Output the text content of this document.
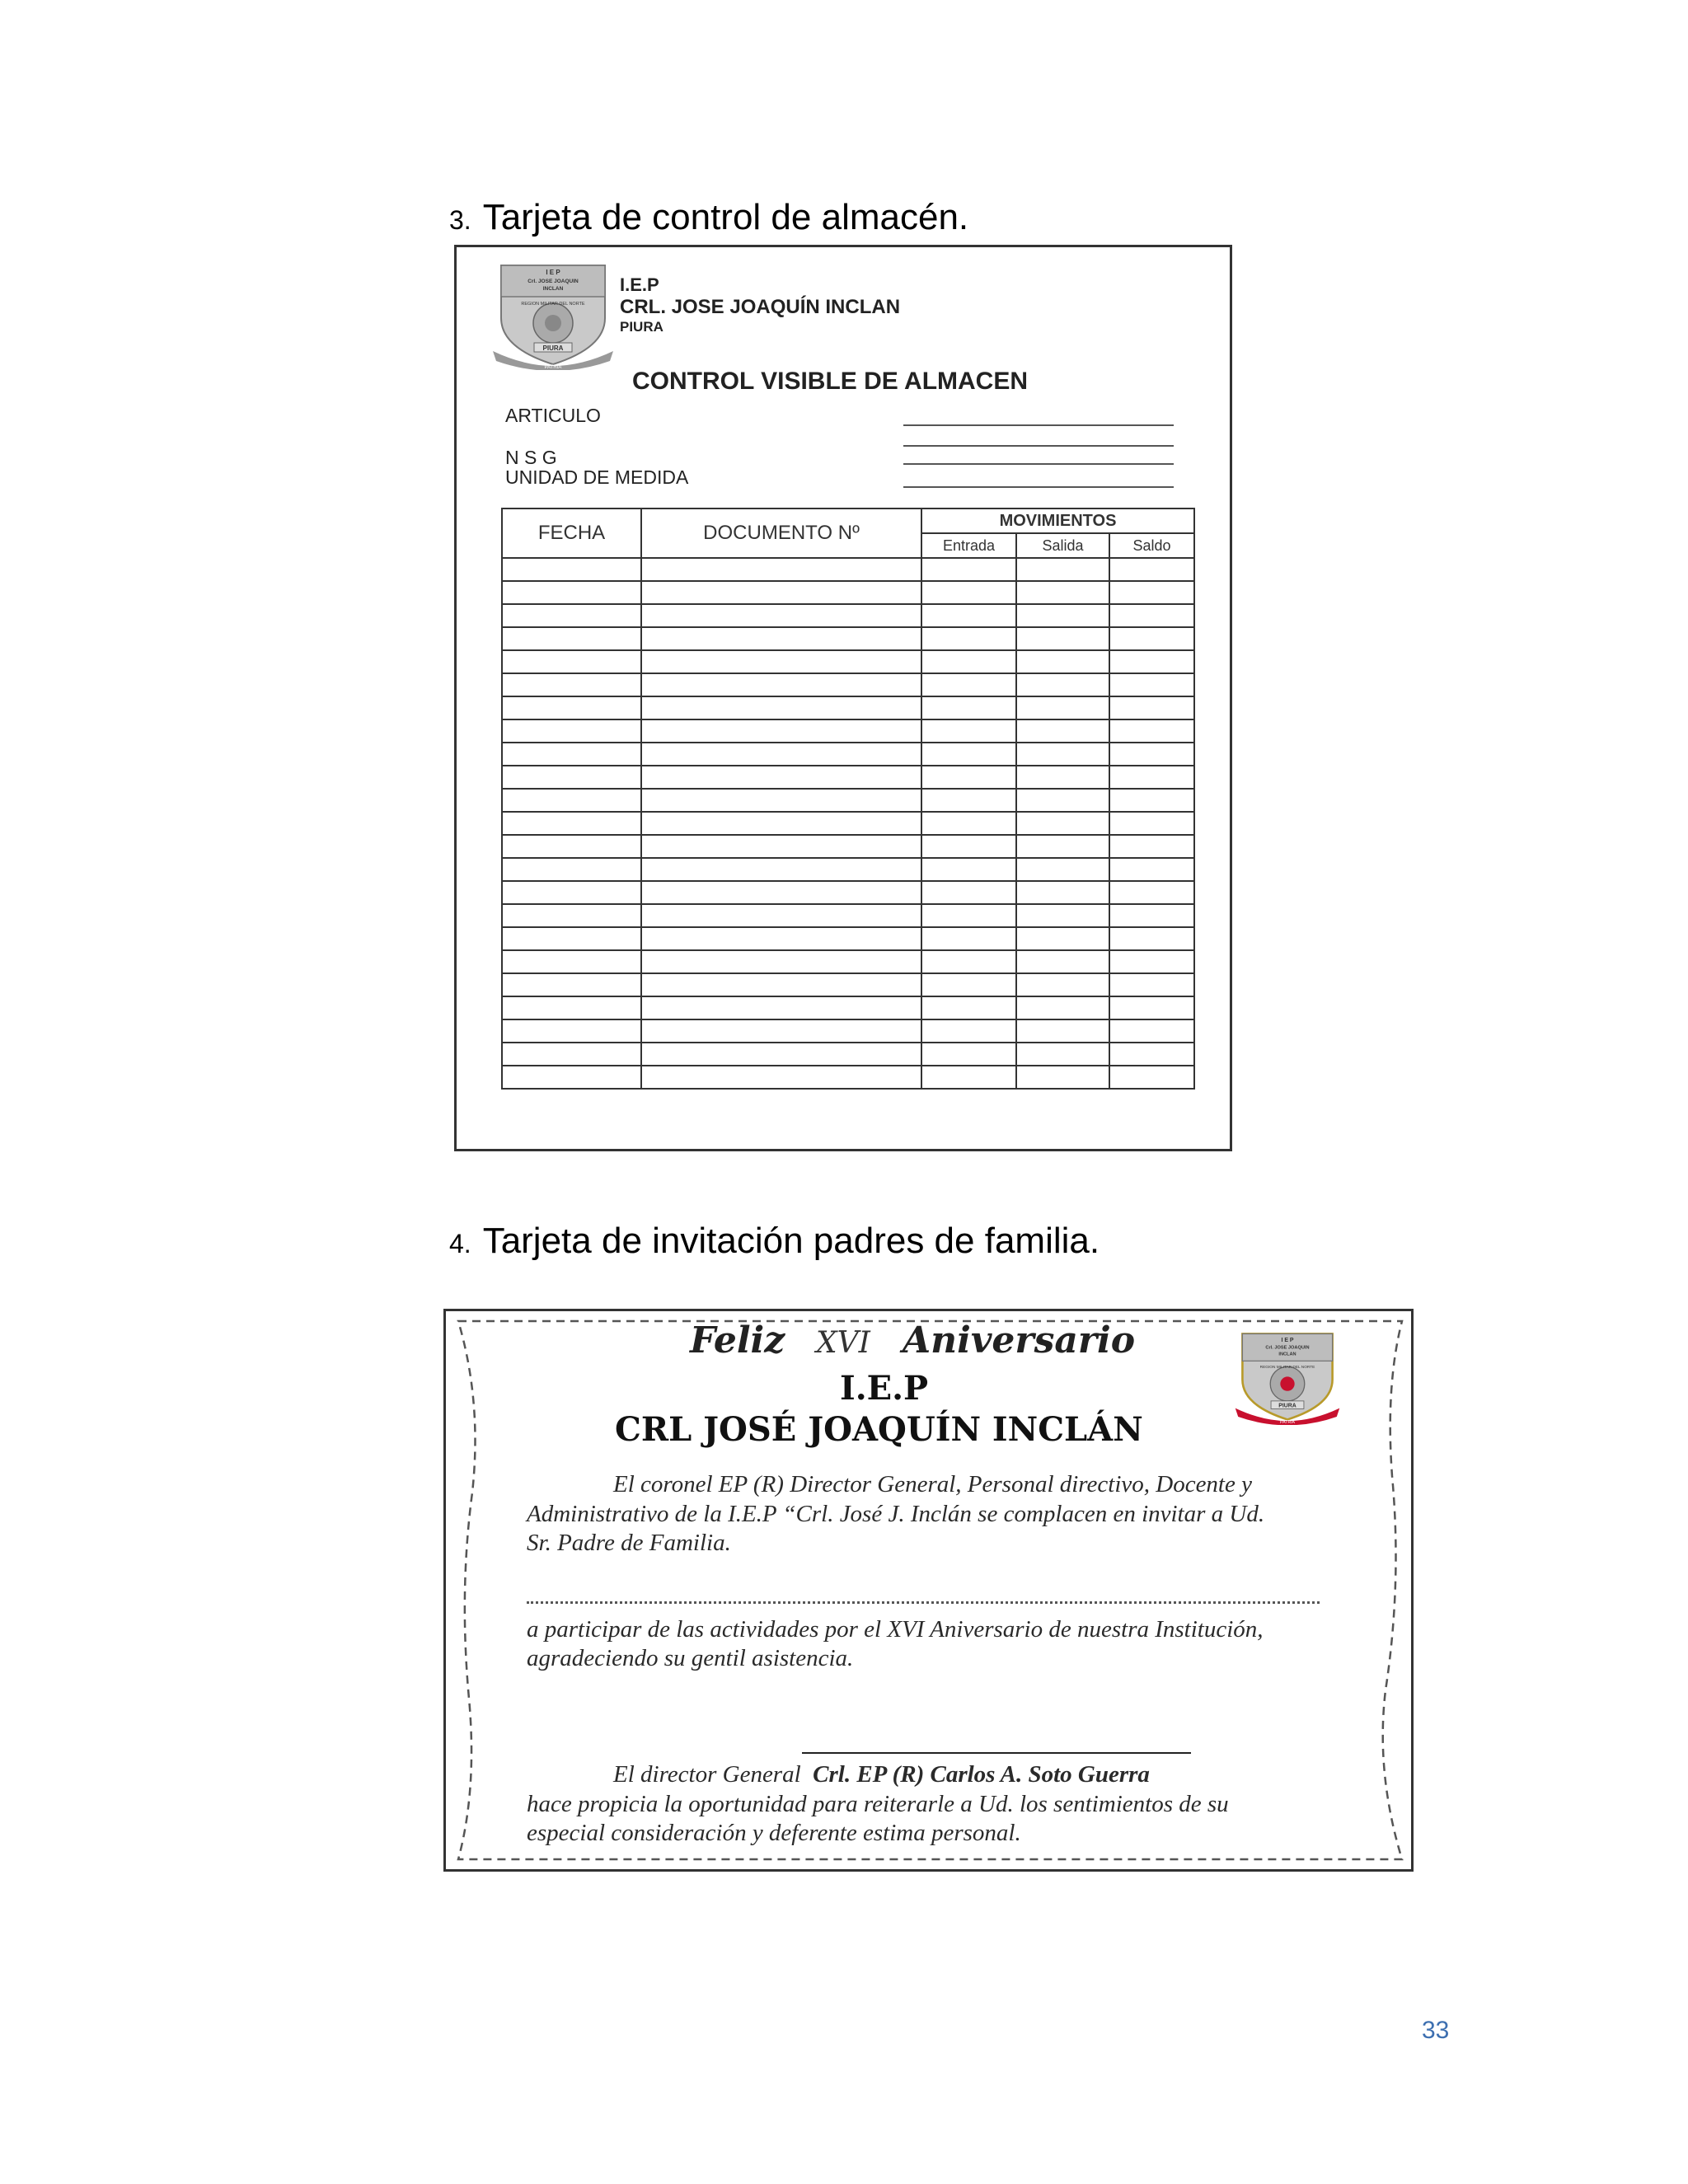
3. Tarjeta de control de almacén.
I E P
Crl. JOSE JOAQUIN
INCLAN
REGION MILITAR DEL NORTE
PIURA
PATRIA
I.E.P
CRL. JOSE JOAQUÍN INCLAN
PIURA
CONTROL VISIBLE DE ALMACEN
ARTICULO
N S G
UNIDAD DE MEDIDA
FECHA	DOCUMENTO Nº	MOVIMIENTOS		
		Entrada	Salida	Saldo

4. Tarjeta de invitación padres de familia.
Feliz XVI Aniversario
I.E.P
CRL JOSÉ JOAQUÍN INCLÁN
I E P
Crl. JOSE JOAQUIN
INCLAN
REGION MILITAR DEL NORTE
PIURA
PATRIA
El coronel EP (R) Director General, Personal directivo, Docente y
Administrativo de la I.E.P “Crl. José J. Inclán se complacen en invitar a Ud.
Sr. Padre de Familia.
a participar de las actividades por el XVI Aniversario de nuestra Institución,
agradeciendo su gentil asistencia.
El director General Crl. EP (R) Carlos A. Soto Guerra
hace propicia la oportunidad para reiterarle a Ud. los sentimientos de su
especial consideración y deferente estima personal.
33
